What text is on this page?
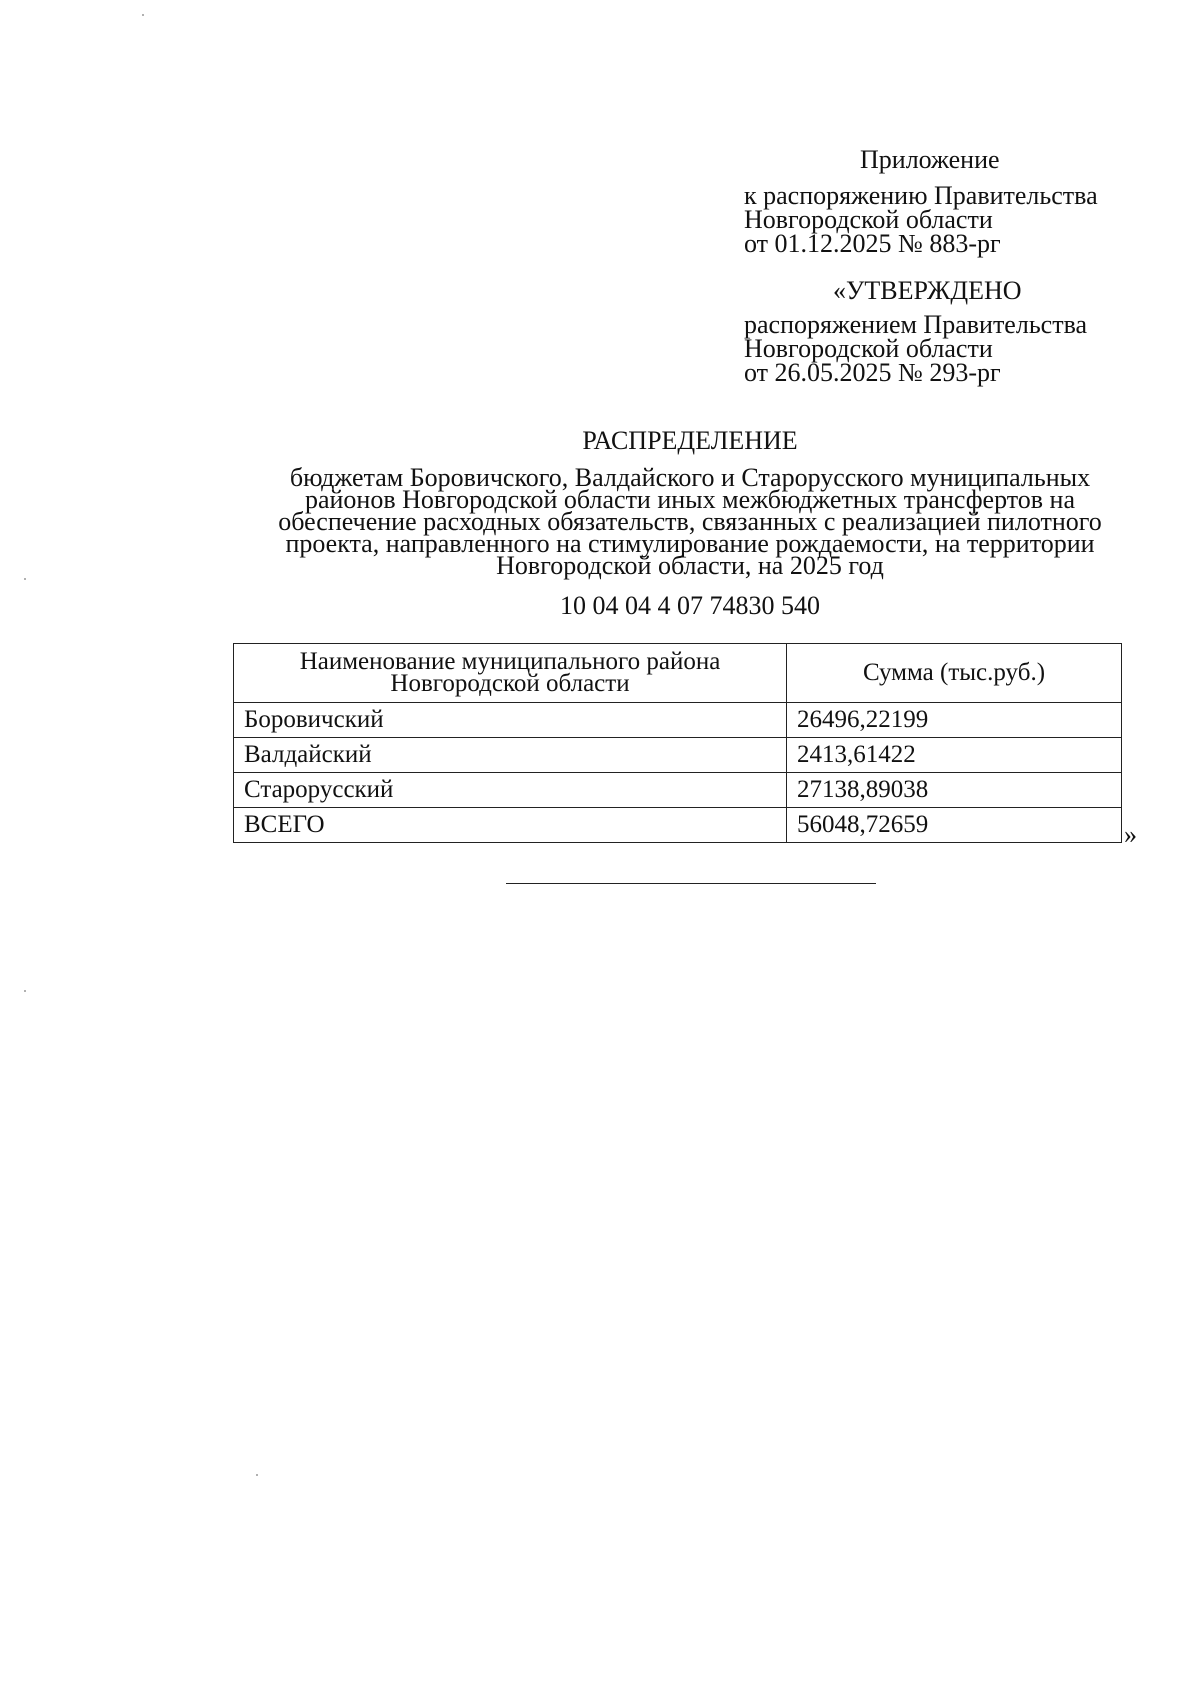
Приложение
к распоряжению Правительства
Новгородской области
от 01.12.2025 № 883-рг
«УТВЕРЖДЕНО
распоряжением Правительства
Новгородской области
от 26.05.2025 № 293-рг
РАСПРЕДЕЛЕНИЕ
бюджетам Боровичского, Валдайского и Старорусского муниципальных
районов Новгородской области иных межбюджетных трансфертов на
обеспечение расходных обязательств, связанных с реализацией пилотного
проекта, направленного на стимулирование рождаемости, на территории
Новгородской области, на 2025 год
10 04 04 4 07 74830 540
Наименование муниципального района
Новгородской области	Сумма (тыс.руб.)
Боровичский	26496,22199
Валдайский	2413,61422
Старорусский	27138,89038
ВСЕГО	56048,72659	»
